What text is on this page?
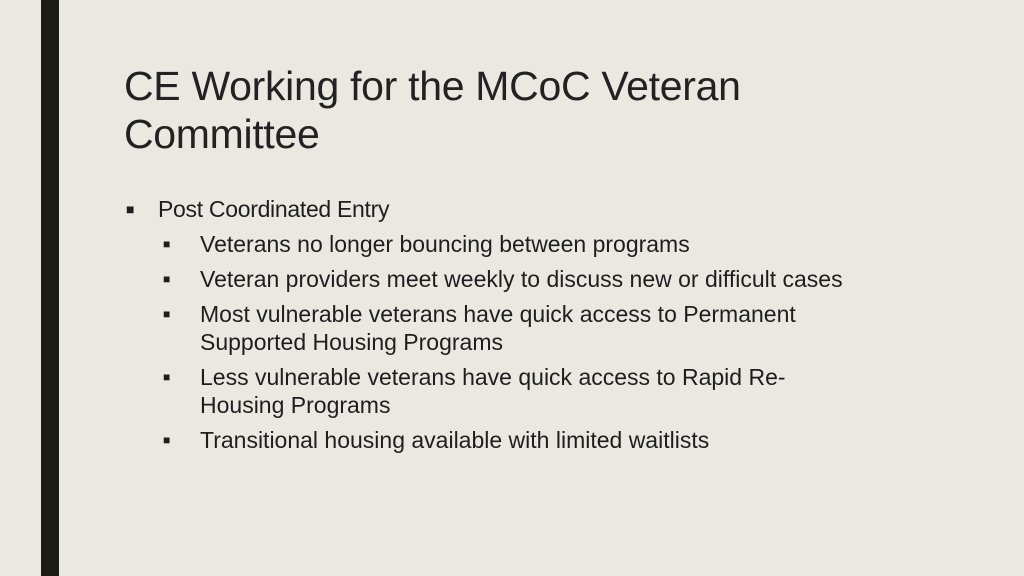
CE Working for the MCoC Veteran Committee
■	Post Coordinated Entry
■	Veterans no longer bouncing between programs
■	Veteran providers meet weekly to discuss new or difficult cases
■	Most vulnerable veterans have quick access to Permanent Supported Housing Programs
■	Less vulnerable veterans have quick access to Rapid Re-Housing Programs
■	Transitional housing available with limited waitlists
